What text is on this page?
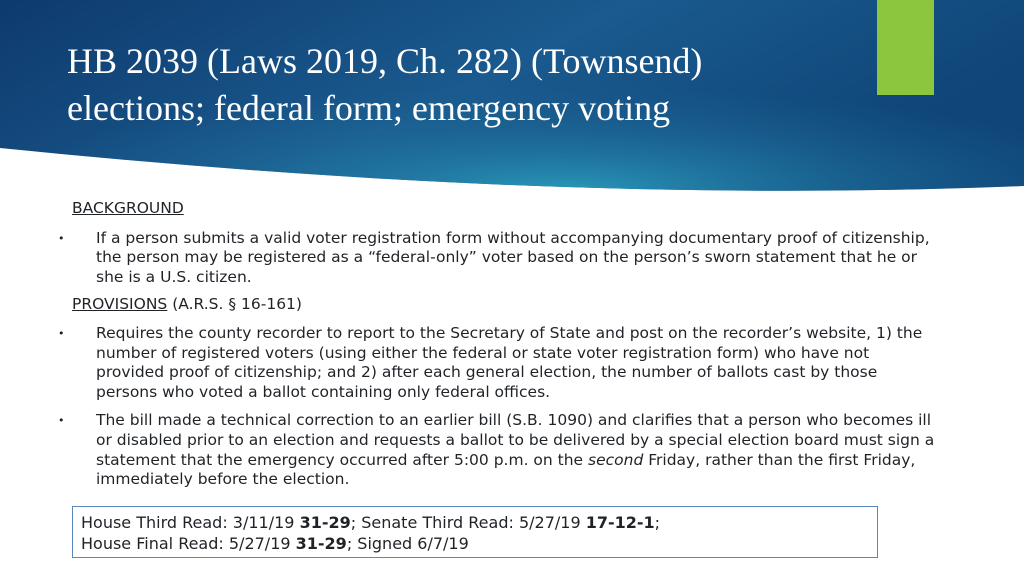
HB 2039 (Laws 2019, Ch. 282) (Townsend)
elections; federal form; emergency voting

BACKGROUND

•	If a person submits a valid voter registration form without accompanying documentary proof of citizenship, the person may be registered as a “federal-only” voter based on the person’s sworn statement that he or she is a U.S. citizen.

PROVISIONS (A.R.S. § 16-161)

•	Requires the county recorder to report to the Secretary of State and post on the recorder’s website, 1) the number of registered voters (using either the federal or state voter registration form) who have not provided proof of citizenship; and 2) after each general election, the number of ballots cast by those persons who voted a ballot containing only federal offices.

•	The bill made a technical correction to an earlier bill (S.B. 1090) and clarifies that a person who becomes ill or disabled prior to an election and requests a ballot to be delivered by a special election board must sign a statement that the emergency occurred after 5:00 p.m. on the second Friday, rather than the first Friday, immediately before the election.

House Third Read: 3/11/19 31-29; Senate Third Read: 5/27/19 17-12-1;
House Final Read: 5/27/19 31-29; Signed 6/7/19
